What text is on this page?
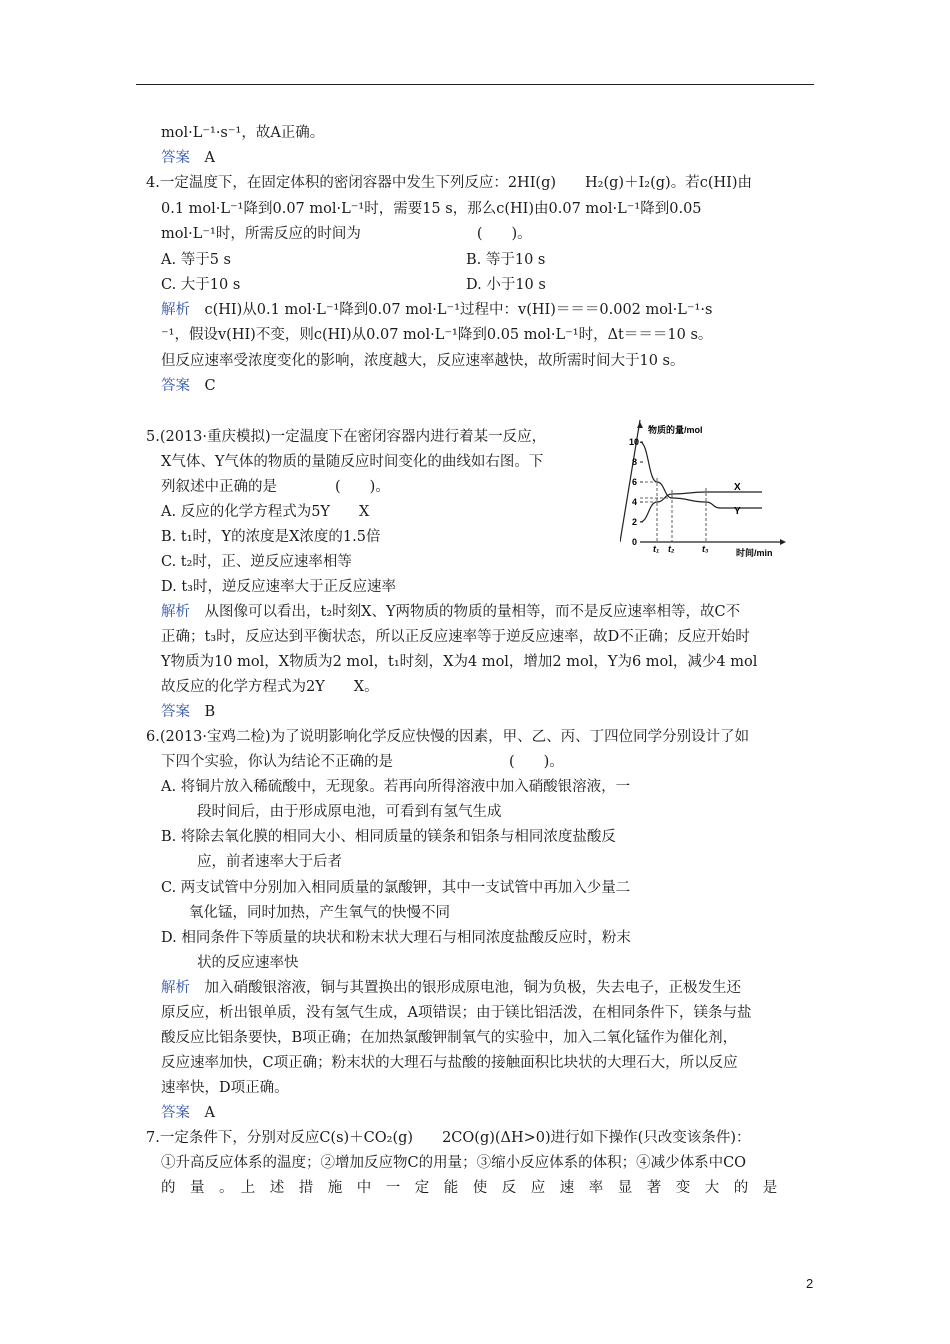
mol·L⁻¹·s⁻¹，故A正确。
答案　 A
4.一定温度下，在固定体积的密闭容器中发生下列反应：2HI(g)　　H₂(g)＋I₂(g)。若c(HI)由
0.1 mol·L⁻¹降到0.07 mol·L⁻¹时，需要15 s，那么c(HI)由0.07 mol·L⁻¹降到0.05
mol·L⁻¹时，所需反应的时间为　　　　　　　　(　　)。
A. 等于5 s	B. 等于10 s
C. 大于10 s	D. 小于10 s
解析　 c(HI)从0.1 mol·L⁻¹降到0.07 mol·L⁻¹过程中：v(HI)＝＝＝0.002 mol·L⁻¹·s
⁻¹，假设v(HI)不变，则c(HI)从0.07 mol·L⁻¹降到0.05 mol·L⁻¹时，Δt＝＝＝10 s。
但反应速率受浓度变化的影响，浓度越大，反应速率越快，故所需时间大于10 s。
答案　 C
5.(2013·重庆模拟)一定温度下在密闭容器内进行着某一反应，
X气体、Y气体的物质的量随反应时间变化的曲线如右图。下
列叙述中正确的是　　　　(　　)。
A. 反应的化学方程式为5Y　　X
B. t₁时，Y的浓度是X浓度的1.5倍
C. t₂时，正、逆反应速率相等
D. t₃时，逆反应速率大于正反应速率
解析　 从图像可以看出，t₂时刻X、Y两物质的物质的量相等，而不是反应速率相等，故C不
正确；t₃时，反应达到平衡状态，所以正反应速率等于逆反应速率，故D不正确；反应开始时
Y物质为10 mol，X物质为2 mol，t₁时刻，X为4 mol，增加2 mol，Y为6 mol，减少4 mol
故反应的化学方程式为2Y　　X。
答案　 B
物质的量/mol
时间/min
0
2
4
6
8
10
t₁ t₂	t₃
X
Y
6.(2013·宝鸡二检)为了说明影响化学反应快慢的因素，甲、乙、丙、丁四位同学分别设计了如
下四个实验，你认为结论不正确的是　　　　　　　　(　　)。
A. 将铜片放入稀硫酸中，无现象。若再向所得溶液中加入硝酸银溶液，一
段时间后，由于形成原电池，可看到有氢气生成
B. 将除去氧化膜的相同大小、相同质量的镁条和铝条与相同浓度盐酸反
应，前者速率大于后者
C. 两支试管中分别加入相同质量的氯酸钾，其中一支试管中再加入少量二
氧化锰，同时加热，产生氧气的快慢不同
D. 相同条件下等质量的块状和粉末状大理石与相同浓度盐酸反应时，粉末
状的反应速率快
解析　 加入硝酸银溶液，铜与其置换出的银形成原电池，铜为负极，失去电子，正极发生还
原反应，析出银单质，没有氢气生成，A项错误；由于镁比铝活泼，在相同条件下，镁条与盐
酸反应比铝条要快，B项正确；在加热氯酸钾制氧气的实验中，加入二氧化锰作为催化剂，
反应速率加快，C项正确；粉末状的大理石与盐酸的接触面积比块状的大理石大，所以反应
速率快，D项正确。
答案　 A
7.一定条件下，分别对反应C(s)＋CO₂(g)　　2CO(g)(ΔH>0)进行如下操作(只改变该条件)：
①升高反应体系的温度；②增加反应物C的用量；③缩小反应体系的体积；④减少体系中CO
的　量　。　上　述　措　施　中　一　定　能　使　反　应　速　率　显　著　变　大　的　是
2
